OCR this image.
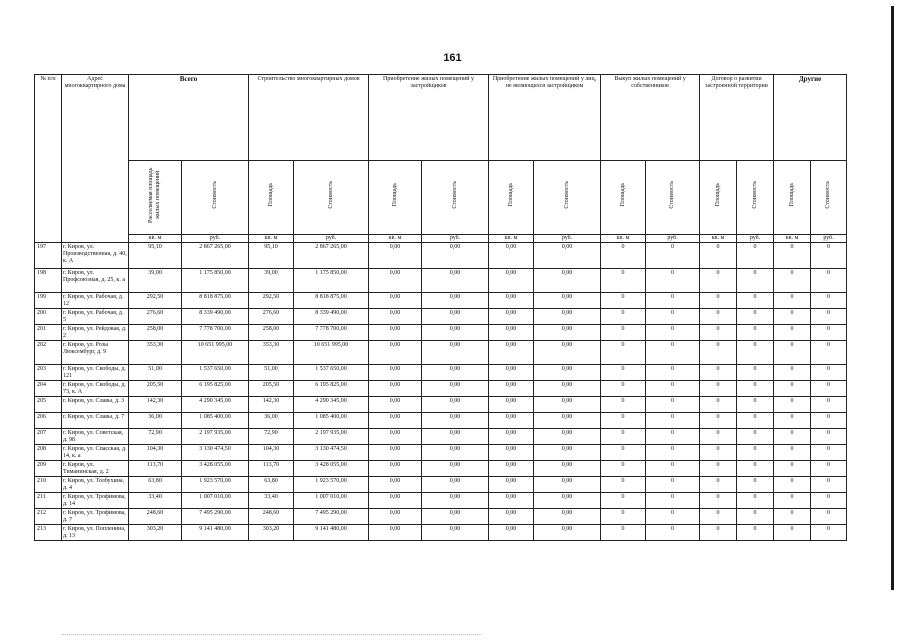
161
№ п/п	Адрес многоквартирного дома	Всего		Строительство многоквартирных домов		Приобретение жилых помещений у застройщиков		Приобретение жилых помещений у лиц, не являющихся застройщиком		Выкуп жилых помещений у собственников		Договор о развитии застроенной территории		Другие	
		Расселяемая площадь жилых помещений	Стоимость	Площадь	Стоимость	Площадь	Стоимость	Площадь	Стоимость	Площадь	Стоимость	Площадь	Стоимость	Площадь	Стоимость
		кв. м	руб.	кв. м	руб.	кв. м	руб.	кв. м	руб.	кв. м	руб.	кв. м	руб.	кв. м	руб.
197	г. Киров, ул. Производственная, д. 40, к. А	95,10	2 867 265,00	95,10	2 867 265,00	0,00	0,00	0,00	0,00	0	0	0	0	0	0
198	г. Киров, ул. Профсоюзная, д. 25, к. а	39,00	1 175 850,00	39,00	1 175 850,00	0,00	0,00	0,00	0,00	0	0	0	0	0	0
199	г. Киров, ул. Рабочая, д. 12	292,50	8 818 875,00	292,50	8 818 875,00	0,00	0,00	0,00	0,00	0	0	0	0	0	0
200	г. Киров, ул. Рабочая, д. 5	276,60	8 339 490,00	276,60	8 339 490,00	0,00	0,00	0,00	0,00	0	0	0	0	0	0
201	г. Киров, ул. Рейдовая, д. 2	258,00	7 778 700,00	258,00	7 778 700,00	0,00	0,00	0,00	0,00	0	0	0	0	0	0
202	г. Киров, ул. Розы Люксембург, д. 9	353,30	10 651 995,00	353,30	10 651 995,00	0,00	0,00	0,00	0,00	0	0	0	0	0	0
203	г. Киров, ул. Свободы, д. 121	51,00	1 537 650,00	51,00	1 537 650,00	0,00	0,00	0,00	0,00	0	0	0	0	0	0
204	г. Киров, ул. Свободы, д. 73, к. А	205,50	6 195 825,00	205,50	6 195 825,00	0,00	0,00	0,00	0,00	0	0	0	0	0	0
205	г. Киров, ул. Славы, д. 3	142,30	4 290 345,00	142,30	4 290 345,00	0,00	0,00	0,00	0,00	0	0	0	0	0	0
206	г. Киров, ул. Славы, д. 7	36,00	1 085 400,00	36,00	1 085 400,00	0,00	0,00	0,00	0,00	0	0	0	0	0	0
207	г. Киров, ул. Советская, д. 98	72,90	2 197 935,00	72,90	2 197 935,00	0,00	0,00	0,00	0,00	0	0	0	0	0	0
208	г. Киров, ул. Спасская, д. 14, к. а	104,30	3 130 474,50	104,30	3 130 474,50	0,00	0,00	0,00	0,00	0	0	0	0	0	0
209	г. Киров, ул. Тиманинская, д. 2	113,70	3 428 055,00	113,70	3 428 055,00	0,00	0,00	0,00	0,00	0	0	0	0	0	0
210	г. Киров, ул. Толбухина, д. 4	63,80	1 923 570,00	63,80	1 923 570,00	0,00	0,00	0,00	0,00	0	0	0	0	0	0
211	г. Киров, ул. Трофимова, д. 14	33,40	1 007 010,00	33,40	1 007 010,00	0,00	0,00	0,00	0,00	0	0	0	0	0	0
212	г. Киров, ул. Трофимова, д. 7	248,60	7 495 290,00	248,60	7 495 290,00	0,00	0,00	0,00	0,00	0	0	0	0	0	0
213	г. Киров, ул. Попленина, д. 13	303,20	9 141 480,00	303,20	9 141 480,00	0,00	0,00	0,00	0,00	0	0	0	0	0	0
